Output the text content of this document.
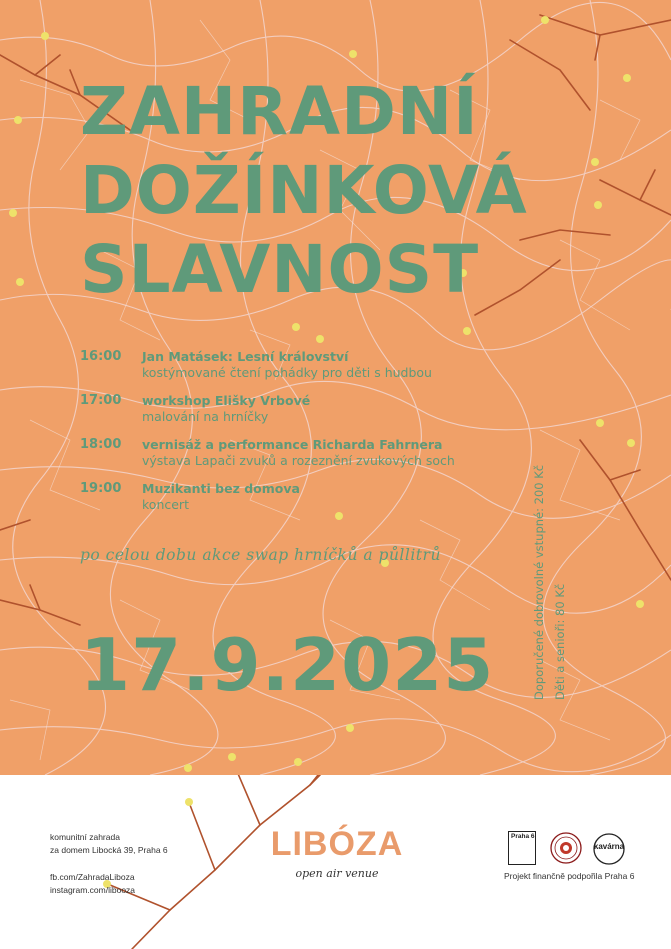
ZAHRADNÍ
DOŽÍNKOVÁ
SLAVNOST
16:00	Jan Matásek: Lesní království
kostýmované čtení pohádky pro děti s hudbou
17:00	workshop Elišky Vrbové
malování na hrníčky
18:00	vernisáž a performance Richarda Fahrnera
výstava Lapači zvuků a rozeznění zvukových soch
19:00	Muzikanti bez domova
koncert
po celou dobu akce swap hrníčků a půllitrů
17.9.2025	Doporučené dobrovolné vstupné: 200 Kč Děti a senioři: 80 Kč
komunitní zahrada
za domem Libocká 39, Praha 6
fb.com/ZahradaLiboza
instagram.com/libooza
LIBÓZA
open air venue
Praha 6
kavárna
Projekt finančně podpořila Praha 6
